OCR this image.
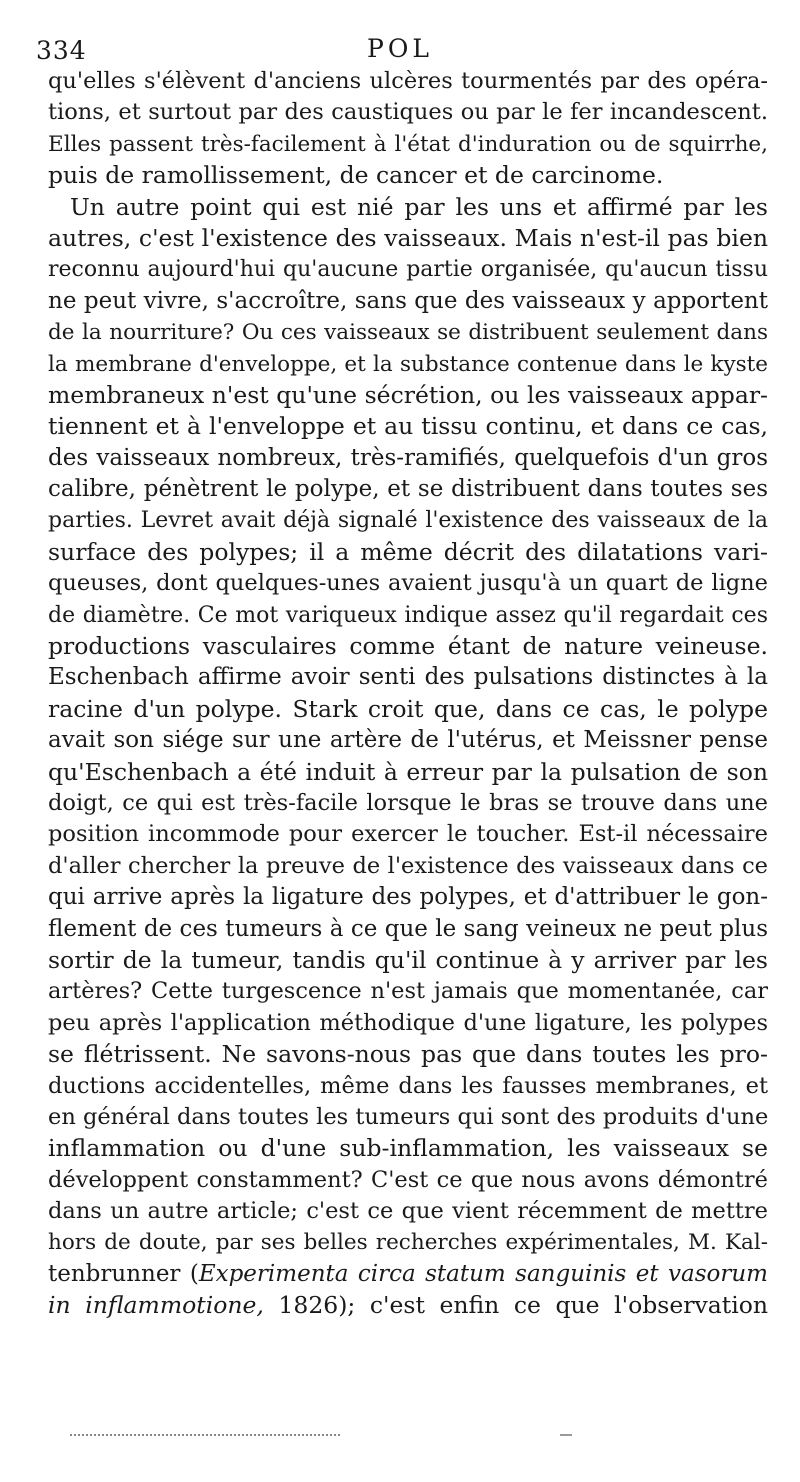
334	POL
qu'elles s'élèvent d'anciens ulcères tourmentés par des opéra-
tions, et surtout par des caustiques ou par le fer incandescent.
Elles passent très-facilement à l'état d'induration ou de squirrhe,
puis de ramollissement, de cancer et de carcinome.
Un autre point qui est nié par les uns et affirmé par les
autres, c'est l'existence des vaisseaux. Mais n'est-il pas bien
reconnu aujourd'hui qu'aucune partie organisée, qu'aucun tissu
ne peut vivre, s'accroître, sans que des vaisseaux y apportent
de la nourriture? Ou ces vaisseaux se distribuent seulement dans
la membrane d'enveloppe, et la substance contenue dans le kyste
membraneux n'est qu'une sécrétion, ou les vaisseaux appar-
tiennent et à l'enveloppe et au tissu continu, et dans ce cas,
des vaisseaux nombreux, très-ramifiés, quelquefois d'un gros
calibre, pénètrent le polype, et se distribuent dans toutes ses
parties. Levret avait déjà signalé l'existence des vaisseaux de la
surface des polypes; il a même décrit des dilatations vari-
queuses, dont quelques-unes avaient jusqu'à un quart de ligne
de diamètre. Ce mot variqueux indique assez qu'il regardait ces
productions vasculaires comme étant de nature veineuse.
Eschenbach affirme avoir senti des pulsations distinctes à la
racine d'un polype. Stark croit que, dans ce cas, le polype
avait son siége sur une artère de l'utérus, et Meissner pense
qu'Eschenbach a été induit à erreur par la pulsation de son
doigt, ce qui est très-facile lorsque le bras se trouve dans une
position incommode pour exercer le toucher. Est-il nécessaire
d'aller chercher la preuve de l'existence des vaisseaux dans ce
qui arrive après la ligature des polypes, et d'attribuer le gon-
flement de ces tumeurs à ce que le sang veineux ne peut plus
sortir de la tumeur, tandis qu'il continue à y arriver par les
artères? Cette turgescence n'est jamais que momentanée, car
peu après l'application méthodique d'une ligature, les polypes
se flétrissent. Ne savons-nous pas que dans toutes les pro-
ductions accidentelles, même dans les fausses membranes, et
en général dans toutes les tumeurs qui sont des produits d'une
inflammation ou d'une sub-inflammation, les vaisseaux se
développent constamment? C'est ce que nous avons démontré
dans un autre article; c'est ce que vient récemment de mettre
hors de doute, par ses belles recherches expérimentales, M. Kal-
tenbrunner (Experimenta circa statum sanguinis et vasorum
in inflammotione, 1826); c'est enfin ce que l'observation
